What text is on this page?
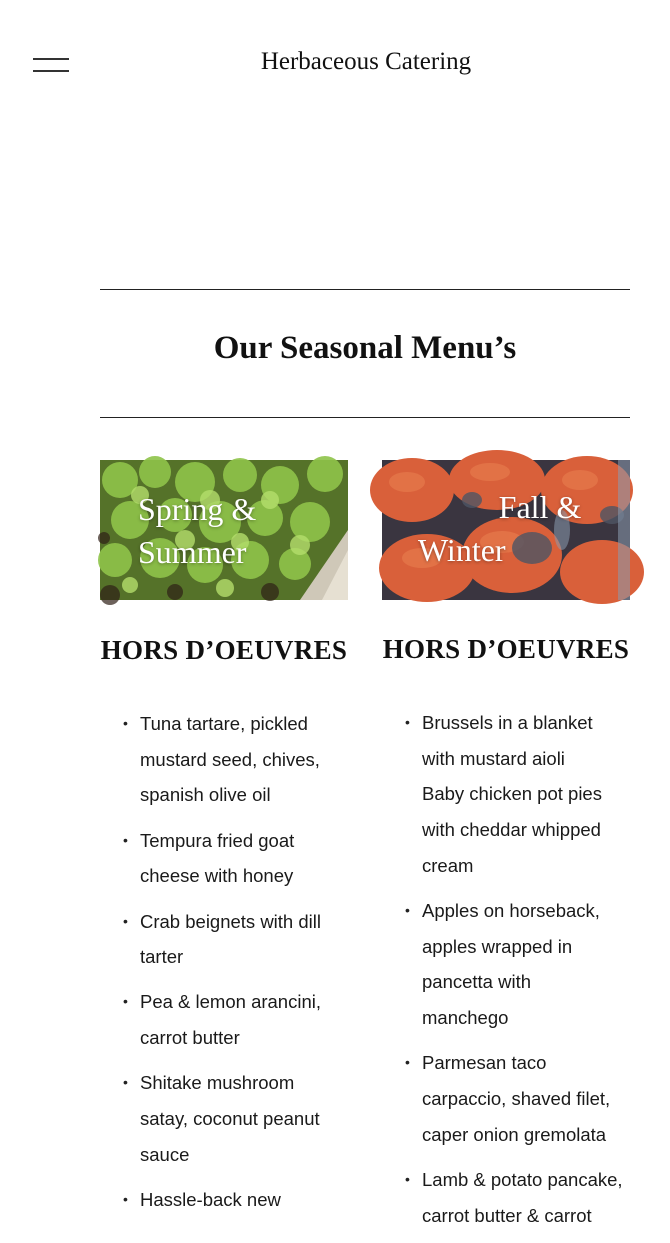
Herbaceous Catering
Our Seasonal Menu’s
Spring &
Summer
HORS D’OEUVRES
• Tuna tartare, pickled
mustard seed, chives,
spanish olive oil
• Tempura fried goat
cheese with honey
• Crab beignets with dill
tarter
• Pea & lemon arancini,
carrot butter
• Shitake mushroom
satay, coconut peanut
sauce
• Hassle-back new
Fall &
Winter
HORS D’OEUVRES
• Brussels in a blanket
with mustard aioli
Baby chicken pot pies
with cheddar whipped
cream
• Apples on horseback,
apples wrapped in
pancetta with
manchego
• Parmesan taco
carpaccio, shaved filet,
caper onion gremolata
• Lamb & potato pancake,
carrot butter & carrot
